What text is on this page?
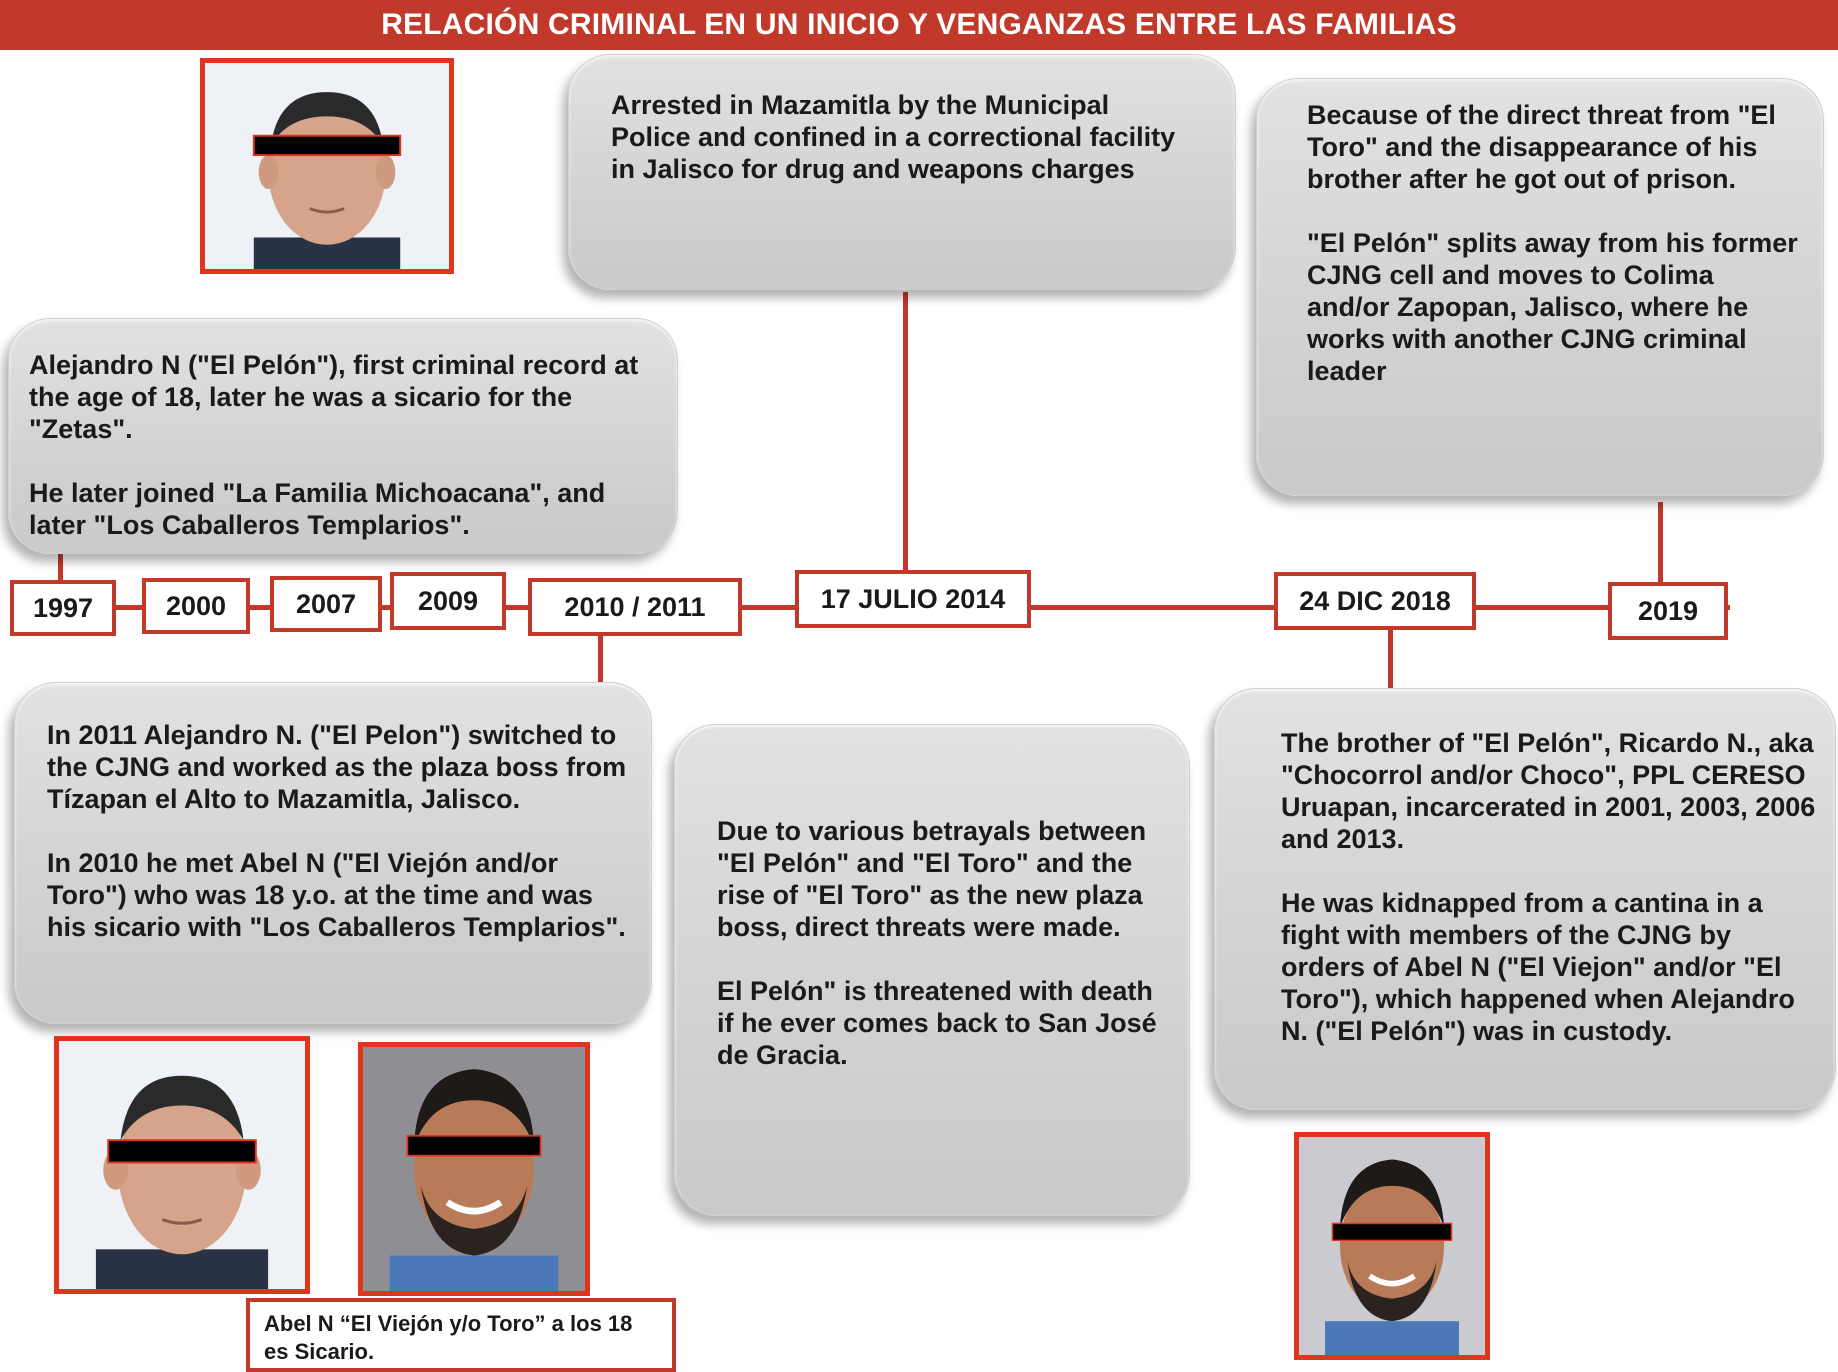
RELACIÓN CRIMINAL EN UN INICIO Y VENGANZAS ENTRE LAS FAMILIAS
1997	2000	2007	2009	2010 / 2011	17 JULIO 2014	24 DIC 2018	2019

Alejandro N ("El Pelón"), first criminal record at the age of 18, later he was a sicario for the "Zetas".

He later joined "La Familia Michoacana", and later "Los Caballeros Templarios".

Arrested in Mazamitla by the Municipal Police and confined in a correctional facility in Jalisco for drug and weapons charges

Because of the direct threat from "El Toro" and the disappearance of his brother after he got out of prison.

"El Pelón" splits away from his former CJNG cell and moves to Colima and/or Zapopan, Jalisco, where he works with another CJNG criminal leader

In 2011 Alejandro N. ("El Pelon") switched to the CJNG and worked as the plaza boss from Tízapan el Alto to Mazamitla, Jalisco.

In 2010 he met Abel N ("El Viejón and/or Toro") who was 18 y.o. at the time and was his sicario with "Los Caballeros Templarios".

Due to various betrayals between "El Pelón" and "El Toro" and the rise of "El Toro" as the new plaza boss, direct threats were made.

El Pelón" is threatened with death if he ever comes back to San José de Gracia.

The brother of "El Pelón", Ricardo N., aka "Chocorrol and/or Choco", PPL CERESO Uruapan, incarcerated in 2001, 2003, 2006 and 2013.

He was kidnapped from a cantina in a fight with members of the CJNG by orders of Abel N ("El Viejon" and/or "El Toro"), which happened when Alejandro N. ("El Pelón") was in custody.

Abel N “El Viejón y/o Toro” a los 18
es Sicario.
